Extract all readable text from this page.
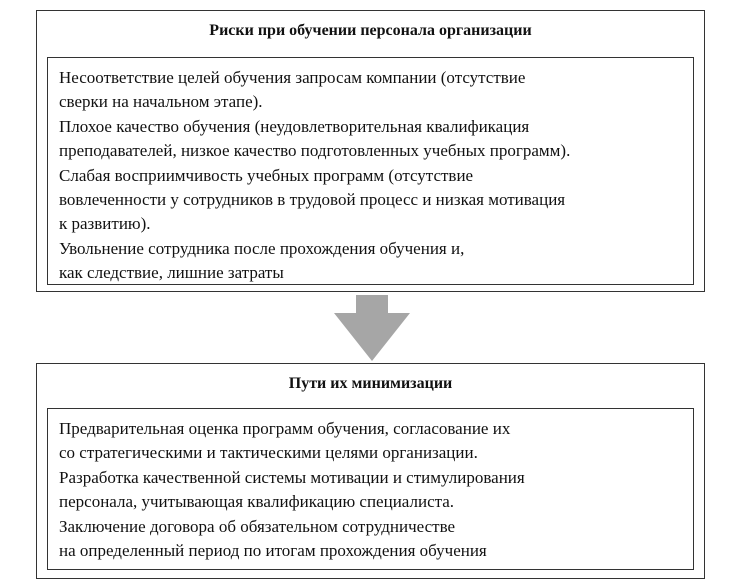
Риски при обучении персонала организации
Несоответствие целей обучения запросам компании (отсутствие
сверки на начальном этапе).
Плохое качество обучения (неудовлетворительная квалификация
преподавателей, низкое качество подготовленных учебных программ).
Слабая восприимчивость учебных программ (отсутствие
вовлеченности у сотрудников в трудовой процесс и низкая мотивация
к развитию).
Увольнение сотрудника после прохождения обучения и,
как следствие, лишние затраты
Пути их минимизации
Предварительная оценка программ обучения, согласование их
со стратегическими и тактическими целями организации.
Разработка качественной системы мотивации и стимулирования
персонала, учитывающая квалификацию специалиста.
Заключение договора об обязательном сотрудничестве
на определенный период по итогам прохождения обучения
